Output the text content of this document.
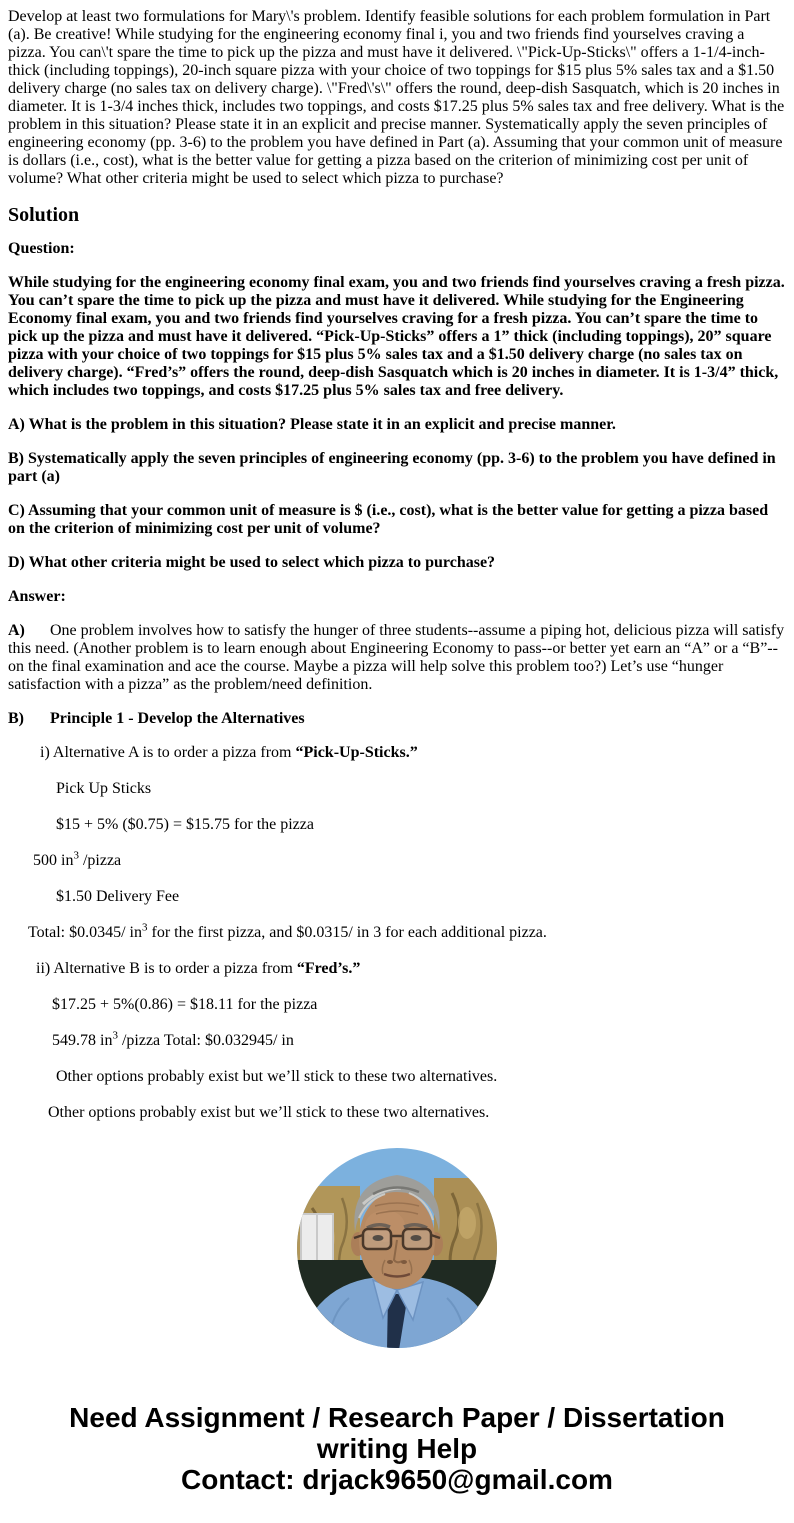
Develop at least two formulations for Mary\'s problem. Identify feasible solutions for each problem formulation in Part (a). Be creative! While studying for the engineering economy final i, you and two friends find yourselves craving a pizza. You can\'t spare the time to pick up the pizza and must have it delivered. \"Pick-Up-Sticks\" offers a 1-1/4-inch-thick (including toppings), 20-inch square pizza with your choice of two toppings for $15 plus 5% sales tax and a $1.50 delivery charge (no sales tax on delivery charge). \"Fred\'s\" offers the round, deep-dish Sasquatch, which is 20 inches in diameter. It is 1-3/4 inches thick, includes two toppings, and costs $17.25 plus 5% sales tax and free delivery. What is the problem in this situation? Please state it in an explicit and precise manner. Systematically apply the seven principles of engineering economy (pp. 3-6) to the problem you have defined in Part (a). Assuming that your common unit of measure is dollars (i.e., cost), what is the better value for getting a pizza based on the criterion of minimizing cost per unit of volume? What other criteria might be used to select which pizza to purchase?

Solution

Question:

While studying for the engineering economy final exam, you and two friends find yourselves craving a fresh pizza. You can’t spare the time to pick up the pizza and must have it delivered. While studying for the Engineering Economy final exam, you and two friends find yourselves craving for a fresh pizza. You can’t spare the time to pick up the pizza and must have it delivered. “Pick-Up-Sticks” offers a 1” thick (including toppings), 20” square pizza with your choice of two toppings for $15 plus 5% sales tax and a $1.50 delivery charge (no sales tax on delivery charge). “Fred’s” offers the round, deep-dish Sasquatch which is 20 inches in diameter. It is 1-3/4” thick, which includes two toppings, and costs $17.25 plus 5% sales tax and free delivery.

A) What is the problem in this situation? Please state it in an explicit and precise manner.

B) Systematically apply the seven principles of engineering economy (pp. 3-6) to the problem you have defined in part (a)

C) Assuming that your common unit of measure is $ (i.e., cost), what is the better value for getting a pizza based on the criterion of minimizing cost per unit of volume?

D) What other criteria might be used to select which pizza to purchase?

Answer:

A) One problem involves how to satisfy the hunger of three students--assume a piping hot, delicious pizza will satisfy this need. (Another problem is to learn enough about Engineering Economy to pass--or better yet earn an “A” or a “B”--on the final examination and ace the course. Maybe a pizza will help solve this problem too?) Let’s use “hunger satisfaction with a pizza” as the problem/need definition.

B) Principle 1 - Develop the Alternatives

i) Alternative A is to order a pizza from “Pick-Up-Sticks.”

Pick Up Sticks

$15 + 5% ($0.75) = $15.75 for the pizza

500 $in^3$ /pizza

$1.50 Delivery Fee

Total: $0.0345/ $in^3$ for the first pizza, and $0.0315/ in 3 for each additional pizza.

ii) Alternative B is to order a pizza from “Fred’s.”

$17.25 + 5%(0.86) = $18.11 for the pizza

549.78 $in^3$ /pizza Total: $0.032945/ in

Other options probably exist but we’ll stick to these two alternatives.

Other options probably exist but we’ll stick to these two alternatives.

Need Assignment / Research Paper / Dissertation
writing Help
Contact: drjack9650@gmail.com
